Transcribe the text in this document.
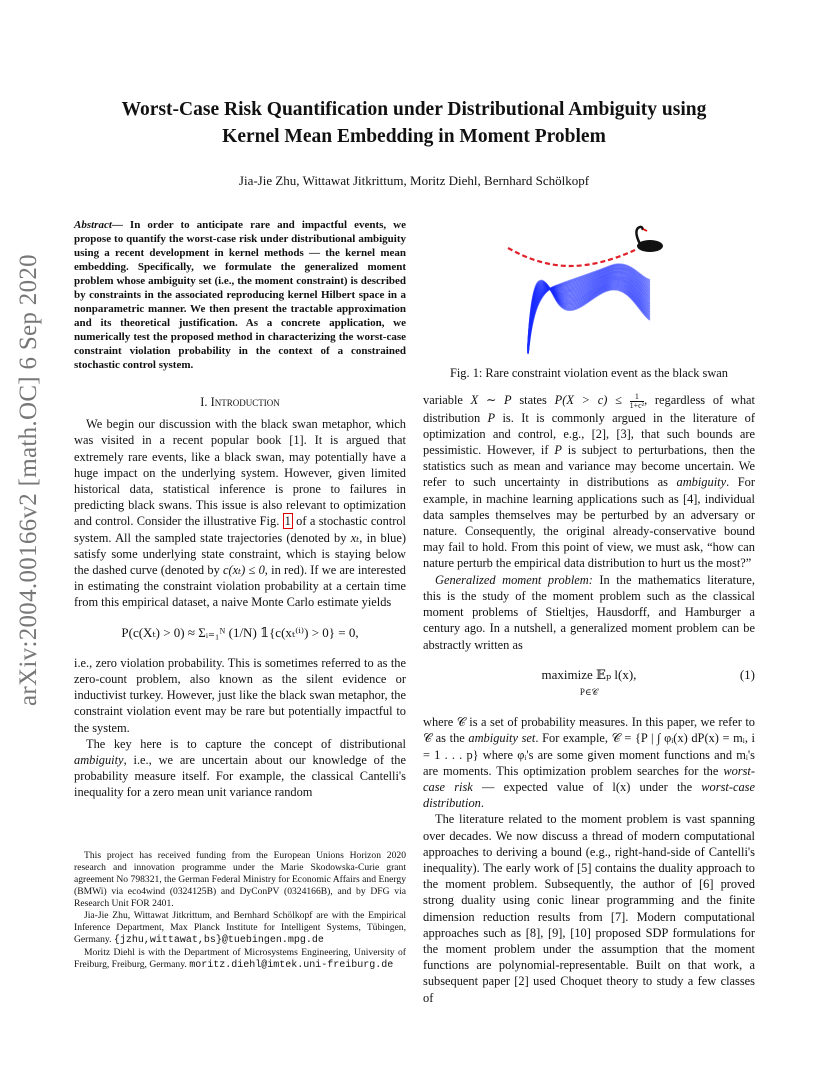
arXiv:2004.00166v2 [math.OC] 6 Sep 2020
Worst-Case Risk Quantification under Distributional Ambiguity using Kernel Mean Embedding in Moment Problem
Jia-Jie Zhu, Wittawat Jitkrittum, Moritz Diehl, Bernhard Schölkopf
Abstract— In order to anticipate rare and impactful events, we propose to quantify the worst-case risk under distributional ambiguity using a recent development in kernel methods — the kernel mean embedding. Specifically, we formulate the generalized moment problem whose ambiguity set (i.e., the moment constraint) is described by constraints in the associated reproducing kernel Hilbert space in a nonparametric manner. We then present the tractable approximation and its theoretical justification. As a concrete application, we numerically test the proposed method in characterizing the worst-case constraint violation probability in the context of a constrained stochastic control system.
I. Introduction

We begin our discussion with the black swan metaphor, which was visited in a recent popular book [1]. It is argued that extremely rare events, like a black swan, may potentially have a huge impact on the underlying system. However, given limited historical data, statistical inference is prone to failures in predicting black swans. This issue is also relevant to optimization and control. Consider the illustrative Fig. 1 of a stochastic control system. All the sampled state trajectories (denoted by xₜ, in blue) satisfy some underlying state constraint, which is staying below the dashed curve (denoted by c(xₜ) ≤ 0, in red). If we are interested in estimating the constraint violation probability at a certain time from this empirical dataset, a naive Monte Carlo estimate yields

P(c(Xₜ) > 0) ≈ Σᵢ₌₁ᴺ (1/N) 𝟙{c(xₜ⁽ⁱ⁾) > 0} = 0,

i.e., zero violation probability. This is sometimes referred to as the zero-count problem, also known as the silent evidence or inductivist turkey. However, just like the black swan metaphor, the constraint violation event may be rare but potentially impactful to the system.

The key here is to capture the concept of distributional ambiguity, i.e., we are uncertain about our knowledge of the probability measure itself. For example, the classical Cantelli's inequality for a zero mean unit variance random

This project has received funding from the European Unions Horizon 2020 research and innovation programme under the Marie Skodowska-Curie grant agreement No 798321, the German Federal Ministry for Economic Affairs and Energy (BMWi) via eco4wind (0324125B) and DyConPV (0324166B), and by DFG via Research Unit FOR 2401.

Jia-Jie Zhu, Wittawat Jitkrittum, and Bernhard Schölkopf are with the Empirical Inference Department, Max Planck Institute for Intelligent Systems, Tübingen, Germany. {jzhu,wittawat,bs}@tuebingen.mpg.de

Moritz Diehl is with the Department of Microsystems Engineering, University of Freiburg, Freiburg, Germany. moritz.diehl@imtek.uni-freiburg.de

Fig. 1: Rare constraint violation event as the black swan

variable X ∼ P states $P(X > c) \le \frac{1}{\text{1+c²}}$ , regardless of what distribution P is. It is commonly argued in the literature of optimization and control, e.g., [2], [3], that such bounds are pessimistic. However, if P is subject to perturbations, then the statistics such as mean and variance may become uncertain. We refer to such uncertainty in distributions as ambiguity. For example, in machine learning applications such as [4], individual data samples themselves may be perturbed by an adversary or nature. Consequently, the original already-conservative bound may fail to hold. From this point of view, we must ask, “how can nature perturb the empirical data distribution to hurt us the most?”

Generalized moment problem: In the mathematics literature, this is the study of the moment problem such as the classical moment problems of Stieltjes, Hausdorff, and Hamburger a century ago. In a nutshell, a generalized moment problem can be abstractly written as

maximize 𝔼ₚ l(x),
P∈𝒞
(1)

where 𝒞 is a set of probability measures. In this paper, we refer to 𝒞 as the ambiguity set. For example, 𝒞 = {P | ∫ φᵢ(x) dP(x) = mᵢ, i = 1 . . . p} where φᵢ's are some given moment functions and mᵢ's are moments. This optimization problem searches for the worst-case risk — expected value of l(x) under the worst-case distribution.

The literature related to the moment problem is vast spanning over decades. We now discuss a thread of modern computational approaches to deriving a bound (e.g., right-hand-side of Cantelli's inequality). The early work of [5] contains the duality approach to the moment problem. Subsequently, the author of [6] proved strong duality using conic linear programming and the finite dimension reduction results from [7]. Modern computational approaches such as [8], [9], [10] proposed SDP formulations for the moment problem under the assumption that the moment functions are polynomial-representable. Built on that work, a subsequent paper [2] used Choquet theory to study a few classes of
